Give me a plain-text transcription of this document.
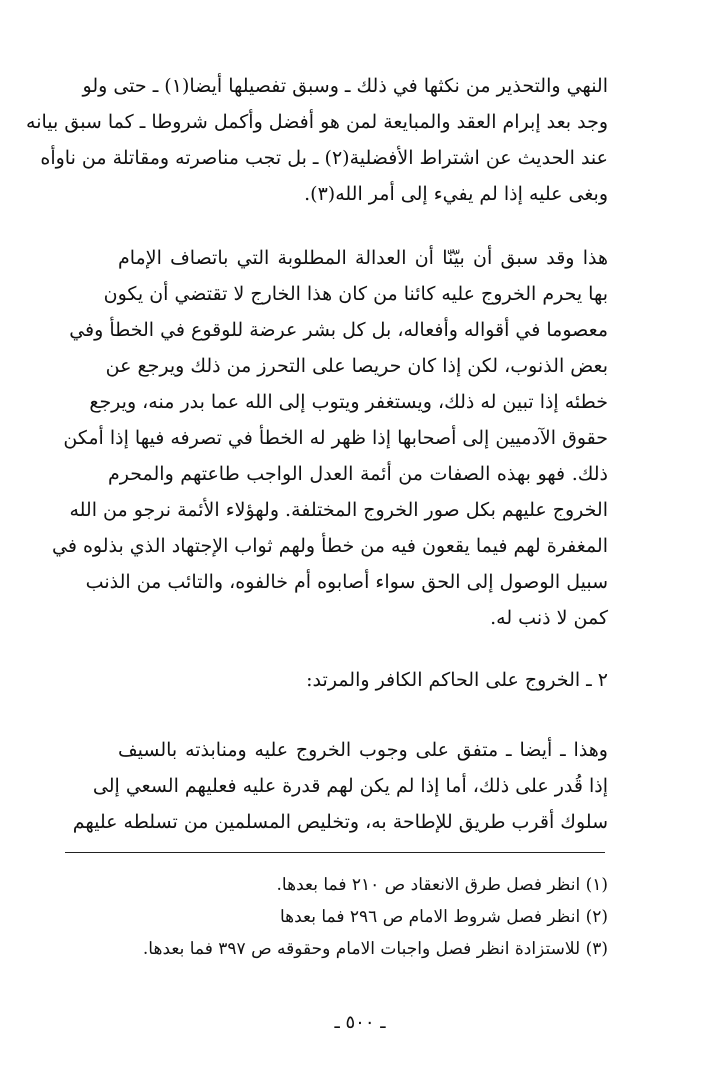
النهي والتحذير من نكثها في ذلك ـ وسبق تفصيلها أيضا(١) ـ حتى ولو
وجد بعد إبرام العقد والمبايعة لمن هو أفضل وأكمل شروطا ـ كما سبق بيانه
عند الحديث عن اشتراط الأفضلية(٢) ـ بل تجب مناصرته ومقاتلة من ناوأه
وبغى عليه إذا لم يفيء إلى أمر الله(٣).
هذا وقد سبق أن بيّنّا أن العدالة المطلوبة التي باتصاف الإمام
بها يحرم الخروج عليه كائنا من كان هذا الخارج لا تقتضي أن يكون
معصوما في أقواله وأفعاله، بل كل بشر عرضة للوقوع في الخطأ وفي
بعض الذنوب، لكن إذا كان حريصا على التحرز من ذلك ويرجع عن
خطئه إذا تبين له ذلك، ويستغفر ويتوب إلى الله عما بدر منه، ويرجع
حقوق الآدميين إلى أصحابها إذا ظهر له الخطأ في تصرفه فيها إذا أمكن
ذلك. فهو بهذه الصفات من أئمة العدل الواجب طاعتهم والمحرم
الخروج عليهم بكل صور الخروج المختلفة. ولهؤلاء الأئمة نرجو من الله
المغفرة لهم فيما يقعون فيه من خطأ ولهم ثواب الإجتهاد الذي بذلوه في
سبيل الوصول إلى الحق سواء أصابوه أم خالفوه، والتائب من الذنب
كمن لا ذنب له.
٢ ـ الخروج على الحاكم الكافر والمرتد:
وهذا ـ أيضا ـ متفق على وجوب الخروج عليه ومنابذته بالسيف
إذا قُدر على ذلك، أما إذا لم يكن لهم قدرة عليه فعليهم السعي إلى
سلوك أقرب طريق للإطاحة به، وتخليص المسلمين من تسلطه عليهم
(١) انظر فصل طرق الانعقاد ص ٢١٠ فما بعدها.
(٢) انظر فصل شروط الامام ص ٢٩٦ فما بعدها
(٣) للاستزادة انظر فصل واجبات الامام وحقوقه ص ٣٩٧ فما بعدها.
ـ ٥٠٠ ـ
